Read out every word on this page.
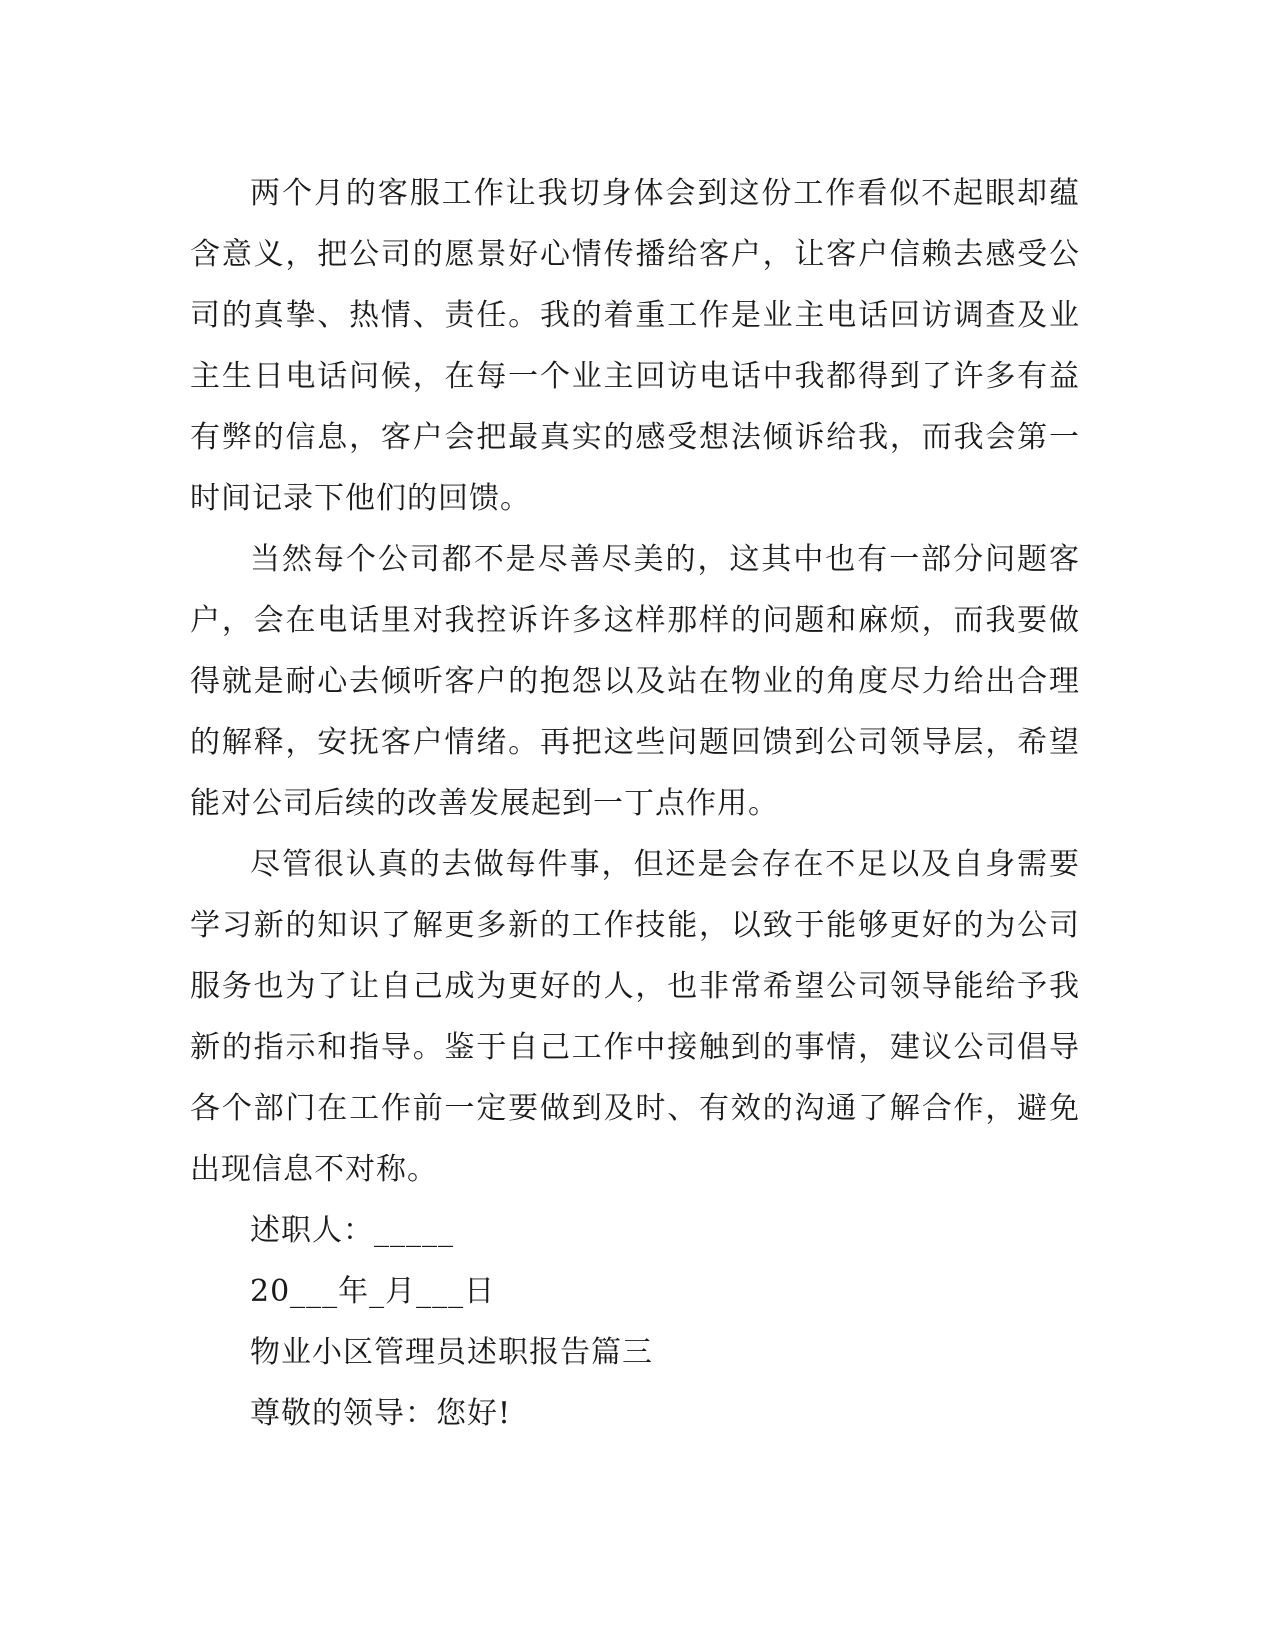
两个月的客服工作让我切身体会到这份工作看似不起眼却蕴含意义，把公司的愿景好心情传播给客户，让客户信赖去感受公司的真挚、热情、责任。我的着重工作是业主电话回访调查及业主生日电话问候，在每一个业主回访电话中我都得到了许多有益有弊的信息，客户会把最真实的感受想法倾诉给我，而我会第一时间记录下他们的回馈。

当然每个公司都不是尽善尽美的，这其中也有一部分问题客户，会在电话里对我控诉许多这样那样的问题和麻烦，而我要做得就是耐心去倾听客户的抱怨以及站在物业的角度尽力给出合理的解释，安抚客户情绪。再把这些问题回馈到公司领导层，希望能对公司后续的改善发展起到一丁点作用。

尽管很认真的去做每件事，但还是会存在不足以及自身需要学习新的知识了解更多新的工作技能，以致于能够更好的为公司服务也为了让自己成为更好的人，也非常希望公司领导能给予我新的指示和指导。鉴于自己工作中接触到的事情，建议公司倡导各个部门在工作前一定要做到及时、有效的沟通了解合作，避免出现信息不对称。

述职人：_____

20___年_月___日

物业小区管理员述职报告篇三

尊敬的领导：您好!
